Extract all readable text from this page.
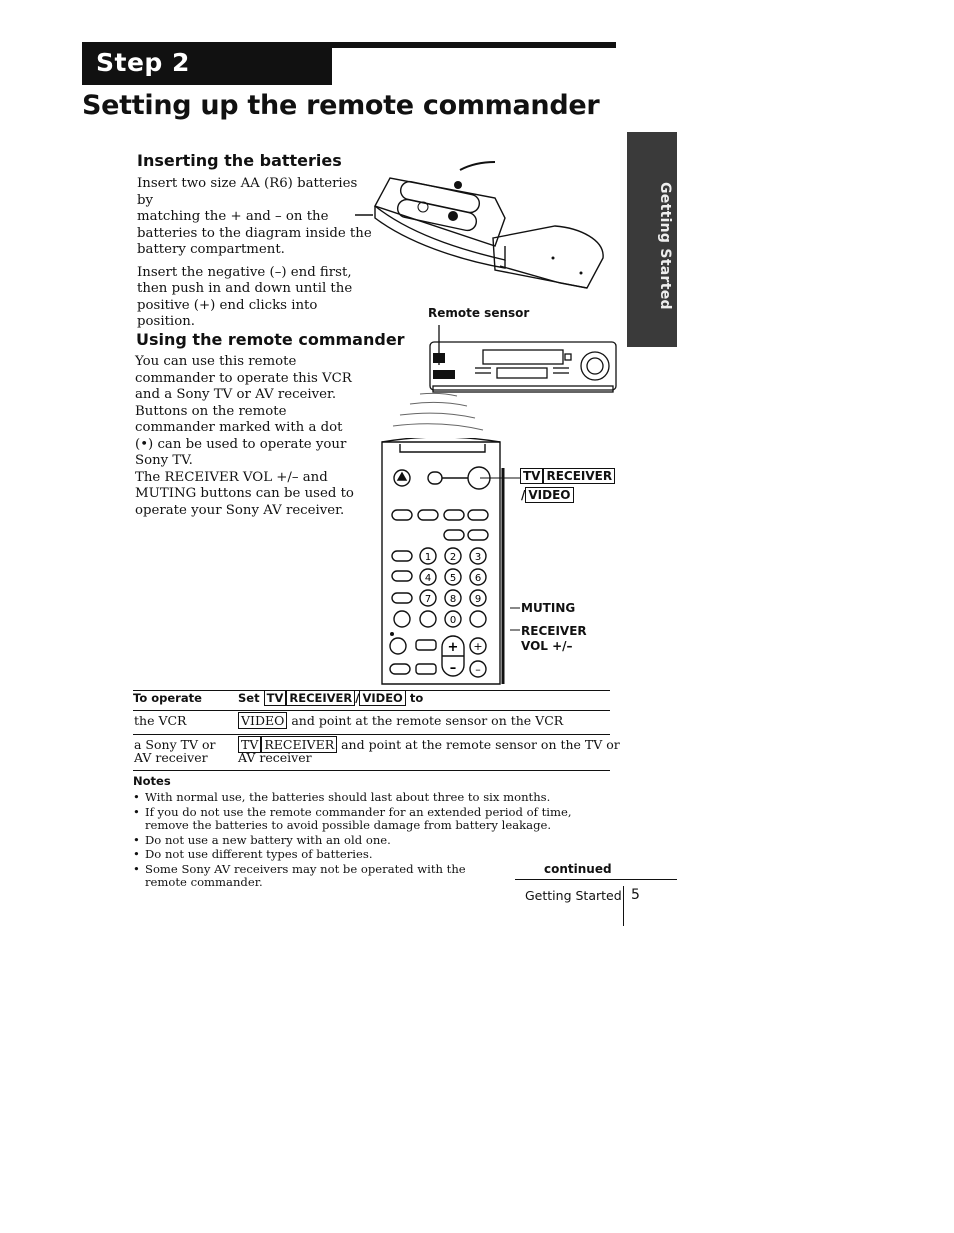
Step 2
Setting up the remote commander
Getting Started
Inserting the batteries

Insert two size AA (R6) batteries by

matching the + and – on the

batteries to the diagram inside the

battery compartment.

Insert the negative (–) end first,

then push in and down until the

positive (+) end clicks into position.

Remote sensor
Using the remote commander

You can use this remote

commander to operate this VCR

and a Sony TV or AV receiver.

Buttons on the remote

commander marked with a dot

(•) can be used to operate your

Sony TV.

The RECEIVER VOL +/– and

MUTING buttons can be used to

operate your Sony AV receiver.

1 2 3
4 5 6
7 8 9
0
+
–
+
–
TV RECEIVER
/ VIDEO
MUTING
RECEIVER
VOL +/–
To operate	Set TV RECEIVER / VIDEO to
the VCR	VIDEO and point at the remote sensor on the VCR
a Sony TV or
AV receiver
TV RECEIVER and point at the remote sensor on the TV or
AV receiver
Notes
• With normal use, the batteries should last about three to six months.
• If you do not use the remote commander for an extended period of time, remove the batteries to avoid possible damage from battery leakage.
• Do not use a new battery with an old one.
• Do not use different types of batteries.
• Some Sony AV receivers may not be operated with the remote commander.
continued
Getting Started 5
